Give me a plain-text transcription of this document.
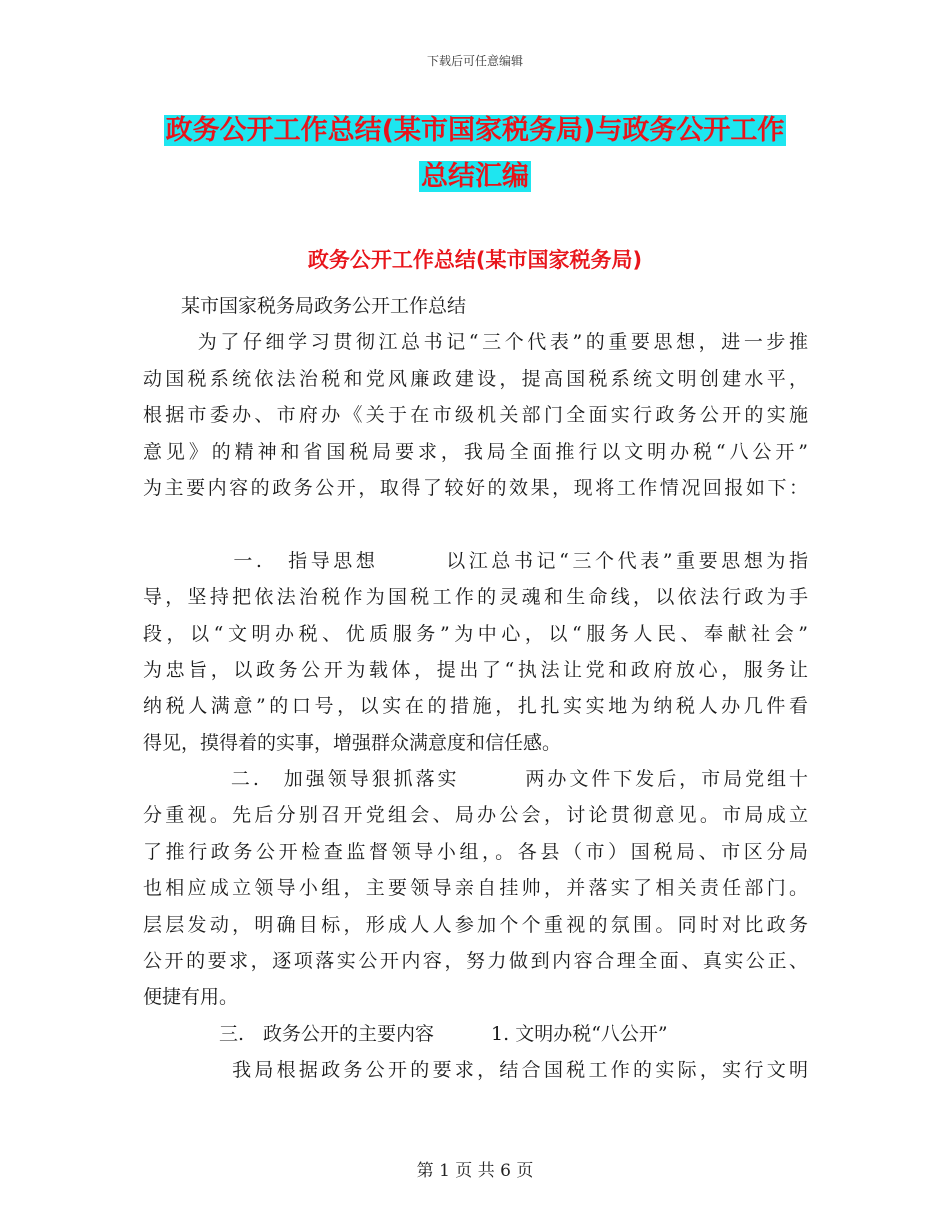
下载后可任意编辑
政务公开工作总结(某市国家税务局)与政务公开工作
总结汇编
政务公开工作总结(某市国家税务局)
　　某市国家税务局政务公开工作总结
　　 为了仔细学习贯彻江总书记“三个代表”的重要思想，进一步推
动国税系统依法治税和党风廉政建设，提高国税系统文明创建水平，
根据市委办、市府办《关于在市级机关部门全面实行政务公开的实施
意见》的精神和省国税局要求，我局全面推行以文明办税“八公开”
为主要内容的政务公开，取得了较好的效果，现将工作情况回报如下：
　　　　一.　指导思想　　　以江总书记“三个代表”重要思想为指
导，坚持把依法治税作为国税工作的灵魂和生命线，以依法行政为手
段，以“文明办税、优质服务”为中心，以“服务人民、奉献社会”
为忠旨，以政务公开为载体，提出了“执法让党和政府放心，服务让
纳税人满意”的口号，以实在的措施，扎扎实实地为纳税人办几件看
得见，摸得着的实事，增强群众满意度和信任感。
　　　　二.　加强领导狠抓落实　　　两办文件下发后，市局党组十
分重视。先后分别召开党组会、局办公会，讨论贯彻意见。市局成立
了推行政务公开检查监督领导小组，。各县（市）国税局、市区分局
也相应成立领导小组，主要领导亲自挂帅，并落实了相关责任部门。
层层发动，明确目标，形成人人参加个个重视的氛围。同时对比政务
公开的要求，逐项落实公开内容，努力做到内容合理全面、真实公正、
便捷有用。
　　　　三.　政务公开的主要内容　　　1. 文明办税“八公开”
　　　　我局根据政务公开的要求，结合国税工作的实际，实行文明
第 1 页 共 6 页
